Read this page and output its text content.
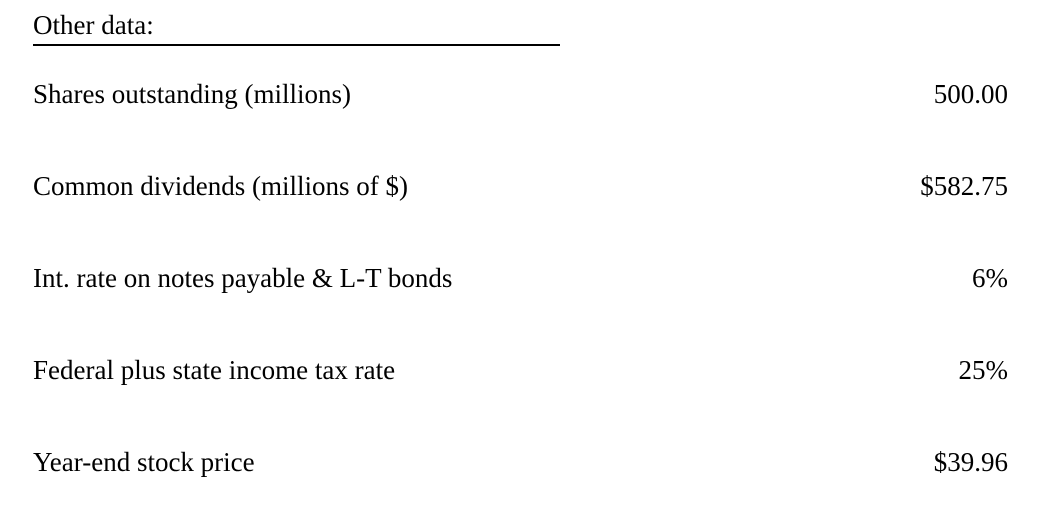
Other data:
Shares outstanding (millions)	500.00
Common dividends (millions of $)	$582.75
Int. rate on notes payable & L-T bonds	6%
Federal plus state income tax rate	25%
Year-end stock price	$39.96
